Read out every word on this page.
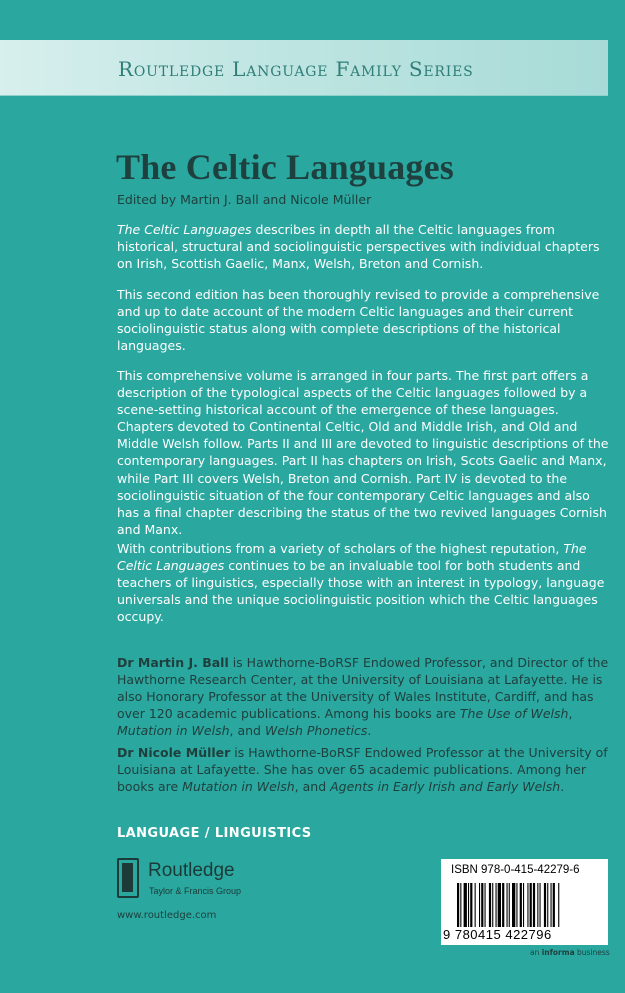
Routledge Language Family Series
The Celtic Languages
Edited by Martin J. Ball and Nicole Müller

The Celtic Languages describes in depth all the Celtic languages from historical, structural and sociolinguistic perspectives with individual chapters on Irish, Scottish Gaelic, Manx, Welsh, Breton and Cornish.

This second edition has been thoroughly revised to provide a comprehensive and up to date account of the modern Celtic languages and their current sociolinguistic status along with complete descriptions of the historical languages.

This comprehensive volume is arranged in four parts. The first part offers a description of the typological aspects of the Celtic languages followed by a scene-setting historical account of the emergence of these languages. Chapters devoted to Continental Celtic, Old and Middle Irish, and Old and Middle Welsh follow. Parts II and III are devoted to linguistic descriptions of the contemporary languages. Part II has chapters on Irish, Scots Gaelic and Manx, while Part III covers Welsh, Breton and Cornish. Part IV is devoted to the sociolinguistic situation of the four contemporary Celtic languages and also has a final chapter describing the status of the two revived languages Cornish and Manx.

With contributions from a variety of scholars of the highest reputation, The Celtic Languages continues to be an invaluable tool for both students and teachers of linguistics, especially those with an interest in typology, language universals and the unique sociolinguistic position which the Celtic languages occupy.

Dr Martin J. Ball is Hawthorne-BoRSF Endowed Professor, and Director of the Hawthorne Research Center, at the University of Louisiana at Lafayette. He is also Honorary Professor at the University of Wales Institute, Cardiff, and has over 120 academic publications. Among his books are The Use of Welsh, Mutation in Welsh, and Welsh Phonetics.

Dr Nicole Müller is Hawthorne-BoRSF Endowed Professor at the University of Louisiana at Lafayette. She has over 65 academic publications. Among her books are Mutation in Welsh, and Agents in Early Irish and Early Welsh.

LANGUAGE / LINGUISTICS
Routledge
Taylor & Francis Group
www.routledge.com
ISBN 978-0-415-42279-6
9 780415 422796
an informa business
